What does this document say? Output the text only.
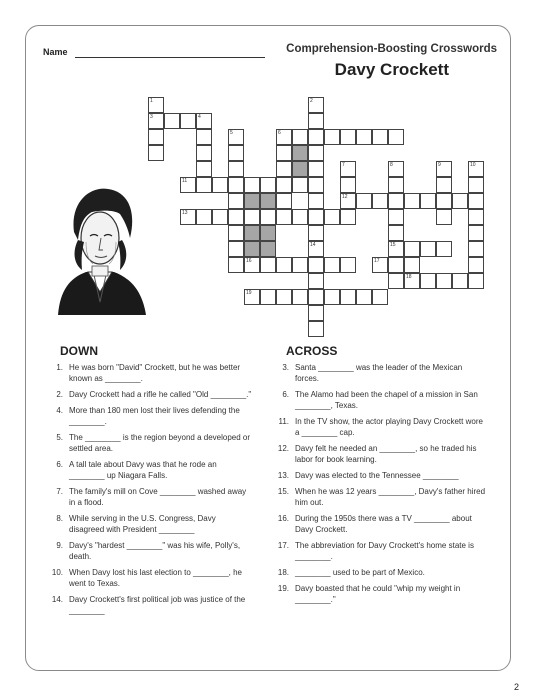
Name	Comprehension-Boosting Crosswords
Davy Crockett
1
3
2
14
4
5	6
7
12
8
15
9	10
11
13
16	17
18
19
DOWN	ACROSS
1. He was born "David" Crockett, but he was better known as ________.
2. Davy Crockett had a rifle he called "Old ________."
4. More than 180 men lost their lives defending the ________.
5. The ________ is the region beyond a developed or settled area.
6. A tall tale about Davy was that he rode an ________ up Niagara Falls.
7. The family's mill on Cove ________ washed away in a flood.
8. While serving in the U.S. Congress, Davy disagreed with President ________
9. Davy's "hardest ________" was his wife, Polly's, death.
10. When Davy lost his last election to ________, he went to Texas.
14. Davy Crockett's first political job was justice of the ________
3. Santa ________ was the leader of the Mexican forces.
6. The Alamo had been the chapel of a mission in San ________, Texas.
11. In the TV show, the actor playing Davy Crockett wore a ________ cap.
12. Davy felt he needed an ________, so he traded his labor for book learning.
13. Davy was elected to the Tennessee ________
15. When he was 12 years ________, Davy's father hired him out.
16. During the 1950s there was a TV ________ about Davy Crockett.
17. The abbreviation for Davy Crockett's home state is ________.
18. ________ used to be part of Mexico.
19. Davy boasted that he could "whip my weight in ________."
2
